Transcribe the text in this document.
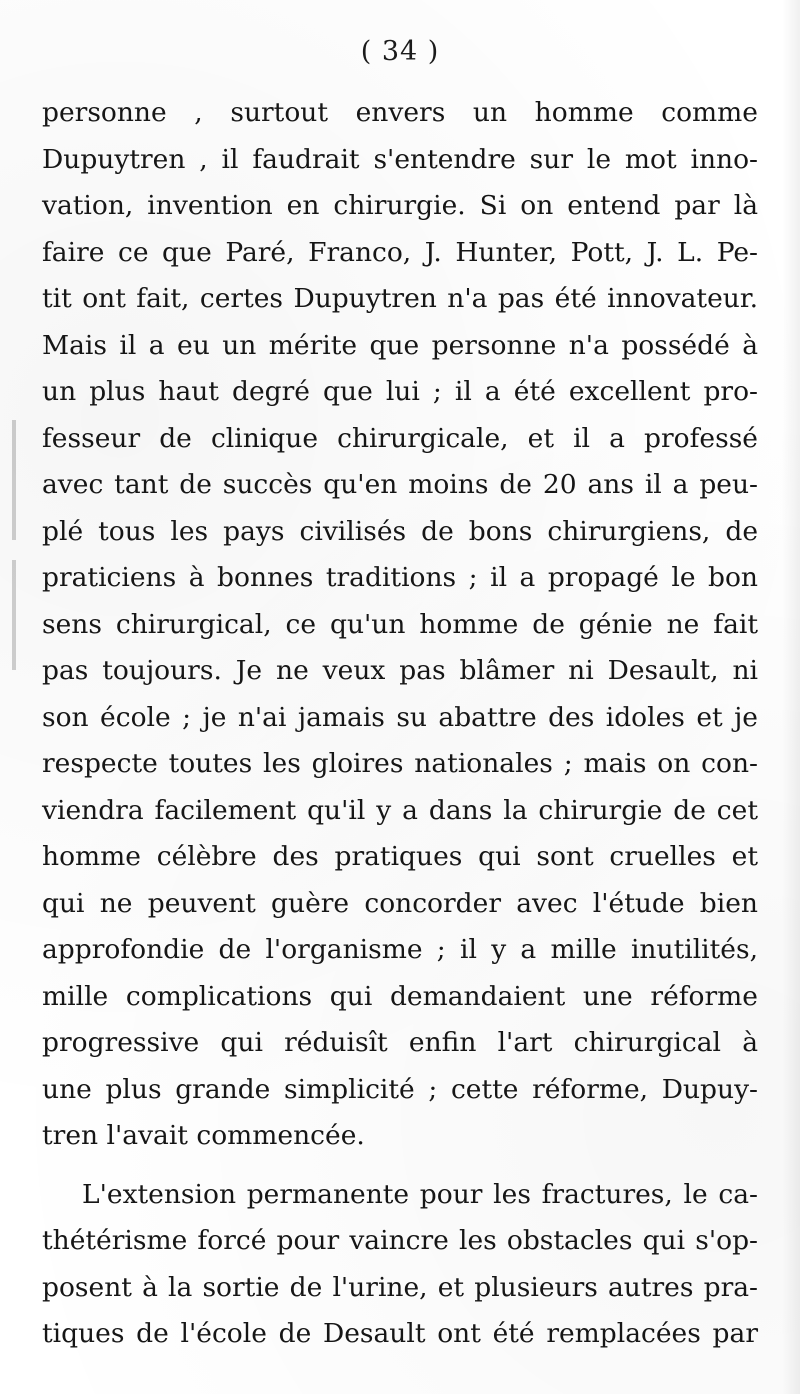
( 34 )
personne , surtout envers un homme comme
Dupuytren , il faudrait s'entendre sur le mot inno-
vation, invention en chirurgie. Si on entend par là
faire ce que Paré, Franco, J. Hunter, Pott, J. L. Pe-
tit ont fait, certes Dupuytren n'a pas été innovateur.
Mais il a eu un mérite que personne n'a possédé à
un plus haut degré que lui ; il a été excellent pro-
fesseur de clinique chirurgicale, et il a professé
avec tant de succès qu'en moins de 20 ans il a peu-
plé tous les pays civilisés de bons chirurgiens, de
praticiens à bonnes traditions ; il a propagé le bon
sens chirurgical, ce qu'un homme de génie ne fait
pas toujours. Je ne veux pas blâmer ni Desault, ni
son école ; je n'ai jamais su abattre des idoles et je
respecte toutes les gloires nationales ; mais on con-
viendra facilement qu'il y a dans la chirurgie de cet
homme célèbre des pratiques qui sont cruelles et
qui ne peuvent guère concorder avec l'étude bien
approfondie de l'organisme ; il y a mille inutilités,
mille complications qui demandaient une réforme
progressive qui réduisît enfin l'art chirurgical à
une plus grande simplicité ; cette réforme, Dupuy-
tren l'avait commencée.
L'extension permanente pour les fractures, le ca-
thétérisme forcé pour vaincre les obstacles qui s'op-
posent à la sortie de l'urine, et plusieurs autres pra-
tiques de l'école de Desault ont été remplacées par
